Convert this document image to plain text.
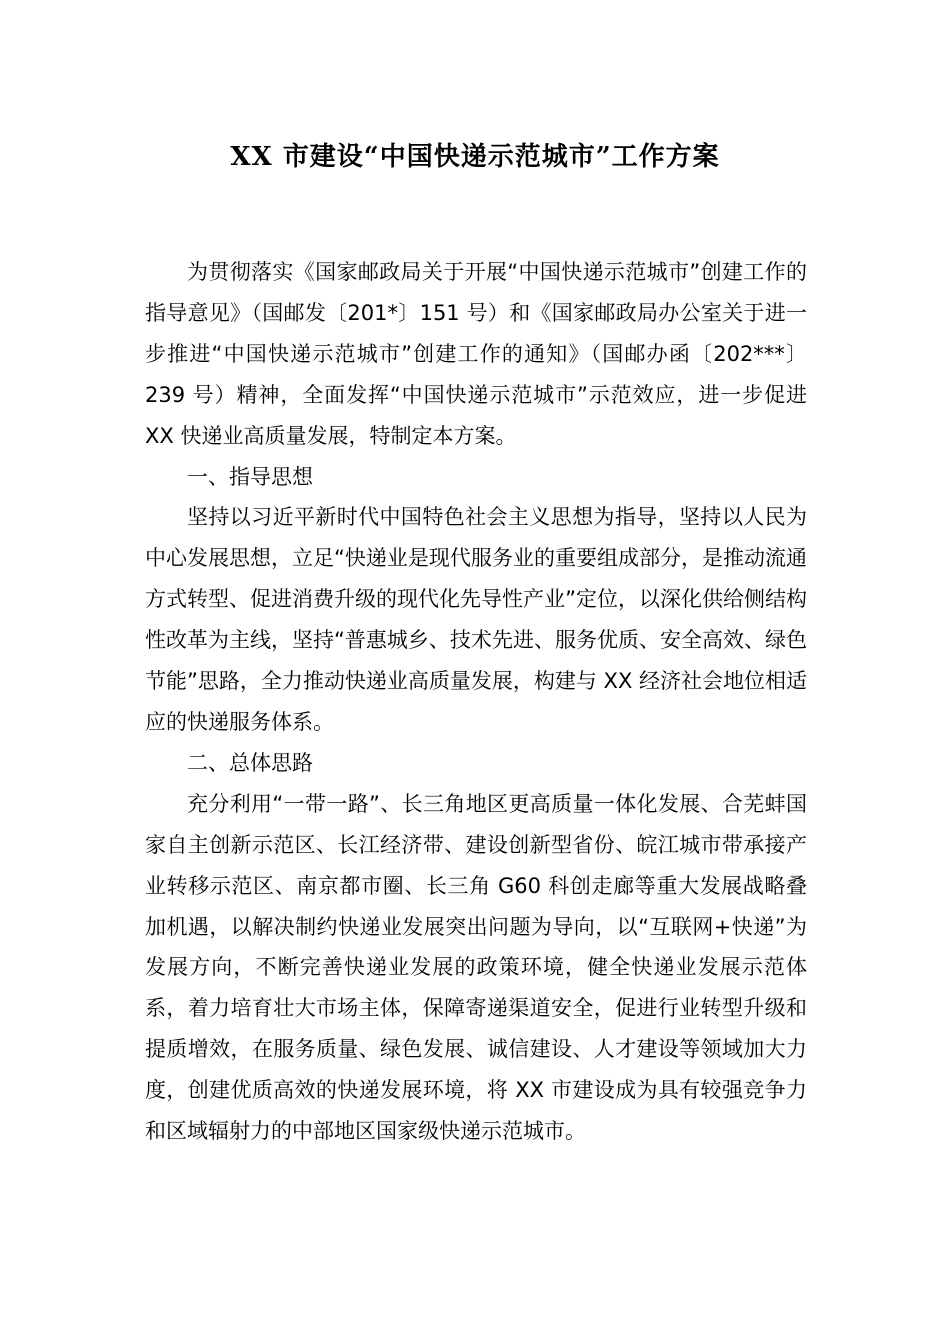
XX 市建设“中国快递示范城市”工作方案

为贯彻落实《国家邮政局关于开展“中国快递示范城市”创建工作的指导意见》（国邮发〔201*〕151 号）和《国家邮政局办公室关于进一步推进“中国快递示范城市”创建工作的通知》（国邮办函〔202***〕239 号）精神，全面发挥“中国快递示范城市”示范效应，进一步促进 XX 快递业高质量发展，特制定本方案。

一、指导思想

坚持以习近平新时代中国特色社会主义思想为指导，坚持以人民为中心发展思想，立足“快递业是现代服务业的重要组成部分，是推动流通方式转型、促进消费升级的现代化先导性产业”定位，以深化供给侧结构性改革为主线，坚持“普惠城乡、技术先进、服务优质、安全高效、绿色节能”思路，全力推动快递业高质量发展，构建与 XX 经济社会地位相适应的快递服务体系。

二、总体思路

充分利用“一带一路”、长三角地区更高质量一体化发展、合芜蚌国家自主创新示范区、长江经济带、建设创新型省份、皖江城市带承接产业转移示范区、南京都市圈、长三角 G60 科创走廊等重大发展战略叠加机遇，以解决制约快递业发展突出问题为导向，以“互联网+快递”为发展方向，不断完善快递业发展的政策环境，健全快递业发展示范体系，着力培育壮大市场主体，保障寄递渠道安全，促进行业转型升级和提质增效，在服务质量、绿色发展、诚信建设、人才建设等领域加大力度，创建优质高效的快递发展环境，将 XX 市建设成为具有较强竞争力和区域辐射力的中部地区国家级快递示范城市。
